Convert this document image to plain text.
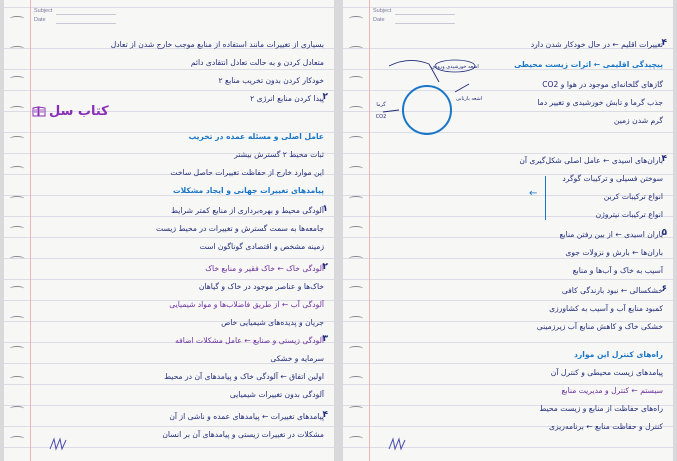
Subject
Date
بسیاری از تغییرات مانند استفاده از منابع موجب خارج شدن از تعادل
متعادل کردن و به حالت تعادل انتقادی دائم
خودکار کردن بدون تخریب منابع ۲
پیدا کردن منابع انرژی ۲
عامل اصلی و مسئله عمده در تخریب
ثبات محیط ۲ گسترش بیشتر
این موارد خارج از حفاظت تغییرات حاصل ساخت
پیامدهای تغییرات جهانی و ایجاد مشکلات
آلودگی محیط و بهره‌برداری از منابع کمتر شرایط
جامعه‌ها به سمت گسترش و تغییرات در محیط زیست
زمینه مشخص و اقتصادی گوناگون است
آلودگی خاک ← خاک فقیر و منابع خاک
خاک‌ها و عناصر موجود در خاک و گیاهان
آلودگی آب ← از طریق فاضلاب‌ها و مواد شیمیایی
جریان و پدیده‌های شیمیایی خاص
آلودگی زیستی و صنایع ← عامل مشکلات اضافه
سرمایه و خشکی
اولین اتفاق ← آلودگی خاک و پیامدهای آن در محیط
آلودگی بدون تغییرات شیمیایی
پیامدهای تغییرات ← پیامدهای عمده و ناشی از آن
مشکلات در تغییرات زیستی و پیامدهای آن بر انسان
۲
۱
۲
۳
۴
کتاب سل
Subject
Date
تغییرات اقلیم ← در حال خودکار شدن دارد
پیچیدگی اقلیمی ← اثرات زیست محیطی
گازهای گلخانه‌ای موجود در هوا و CO2
جذب گرما و تابش خورشیدی و تغییر دما
گرم شدن زمین
باران‌های اسیدی ← عامل اصلی شکل‌گیری آن
سوختن فسیلی و ترکیبات گوگرد
انواع ترکیبات کربن
انواع ترکیبات نیتروژن
باران اسیدی ← از بین رفتن منابع
باران‌ها ← بارش و نزولات جوی
آسیب به خاک و آب‌ها و منابع
خشکسالی ← نبود بارندگی کافی
کمبود منابع آب و آسیب به کشاورزی
خشکی خاک و کاهش منابع آب زیرزمینی
راه‌های کنترل این موارد
پیامدهای زیست محیطی و کنترل آن
سیستم ← کنترل و مدیریت منابع
راه‌های حفاظت از منابع و زیست محیط
کنترل و حفاظت منابع ← برنامه‌ریزی
۴
۴
۵
۶
←
اشعه خورشیدی ورودی
اشعه بازتابی
گرما
CO2
